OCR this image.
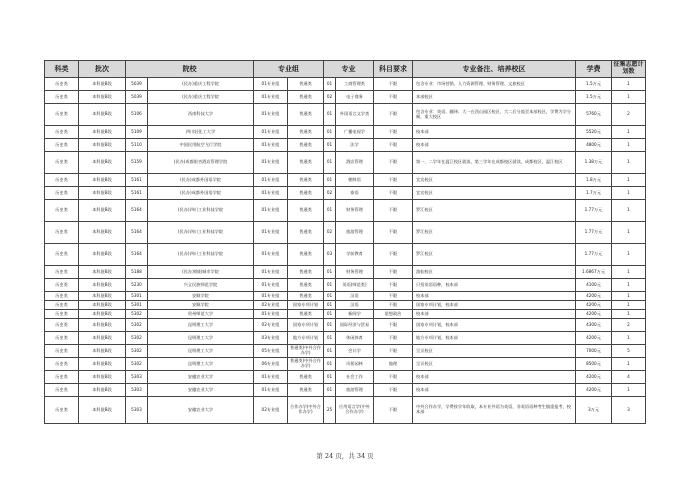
科类	批次	院校		专业组		专业		科目要求	专业备注、培养校区	学费	征集志愿计划数
历史类	本科批B段	5039	(民办)重庆工程学院	01专业组	普通类	01	工商管理类	不限	包含专业：市场营销、人力资源管理、财务管理、文旅校区	1.5万元	1
历史类	本科批B段	5039	(民办)重庆工程学院	01专业组	普通类	02	电子商务	不限	本部校区	1.5万元	1
历史类	本科批B段	5106	西南科技大学	01专业组	普通类	01	外国语言文学类	不限	包含专业：英语，翻译；大一在西山园区校区，大二后分流至本部校区，学费为学分制，重大校区	5760元	2
历史类	本科批B段	5109	四川轻化工大学	01专业组	普通类	01	广播电视学	不限	校本部	5520元	1
历史类	本科批B段	5110	中国民用航空飞行学院	01专业组	普通类	01	法学	不限	校本部	4800元	1
历史类	本科批B段	5159	(民办)成都银杏酒店管理学院	01专业组	普通类	01	酒店管理	不限	第一、二学年在温江校区就读，第三学年在成都校区就读，成都校区，温江校区	1.38万元	1
历史类	本科批B段	5161	(民办)成都外国语学院	01专业组	普通类	01	朝鲜语	不限	宜宾校区	1.8万元	1
历史类	本科批B段	5161	(民办)成都外国语学院	01专业组	普通类	02	泰语	不限	宜宾校区	1.7万元	1
历史类	本科批B段	5164	(民办)四川工业科技学院	01专业组	普通类	01	财务管理	不限	罗江校区	1.77万元	1
历史类	本科批B段	5164	(民办)四川工业科技学院	01专业组	普通类	02	旅游管理	不限	罗江校区	1.77万元	1
历史类	本科批B段	5164	(民办)四川工业科技学院	01专业组	普通类	03	学前教育	不限	罗江校区	1.77万元	1
历史类	本科批B段	5188	(民办)绵阳城市学院	01专业组	普通类	01	财务管理	不限	游仙校区	1.6867万元	1
历史类	本科批B段	5230	兴义民族师范学院	01专业组	普通类	01	英语(师范类)	不限	只招英语语种，校本部	4100元	1
历史类	本科批B段	5301	安顺学院	01专业组	普通类	01	汉语	不限	校本部	4200元	1
历史类	本科批B段	5301	安顺学院	02专业组	国家专项计划	01	汉语	不限	国家专项计划，校本部	4200元	1
历史类	本科批B段	5302	贵州师范大学	01专业组	普通类	01	新闻学	思想政治	校本部	4200元	1
历史类	本科批B段	5302	昆明理工大学	02专业组	国家专项计划	01	国际经济与贸易	不限	国家专项计划，校本部	4300元	2
历史类	本科批B段	5302	昆明理工大学	03专业组	地方专项计划	01	休闲体育	不限	地方专项计划，校本部	4200元	1
历史类	本科批B段	5302	昆明理工大学	05专业组	普通类(中外合作办学)	01	会计学	不限	呈贡校区	7000元	5
历史类	本科批B段	5302	昆明理工大学	06专业组	普通类(中外合作办学)	01	风景园林	地理	呈贡校区	8500元	1
历史类	本科批B段	5303	安徽农业大学	01专业组	普通类	01	社会工作	不限	校本部	4200元	4
历史类	本科批B段	5303	安徽农业大学	01专业组	普通类	01	旅游管理	不限	校本部	4200元	1
历史类	本科批B段	5303	安徽农业大学	02专业组	合作办学(中外合作办学)	25	应用语言学(中外合作办学)	不限	中外合作办学，学费按学年收取，本专业外语为英语，非英语语种考生慎重报考，校本部	3万元	3
第 24 页，共 34 页
